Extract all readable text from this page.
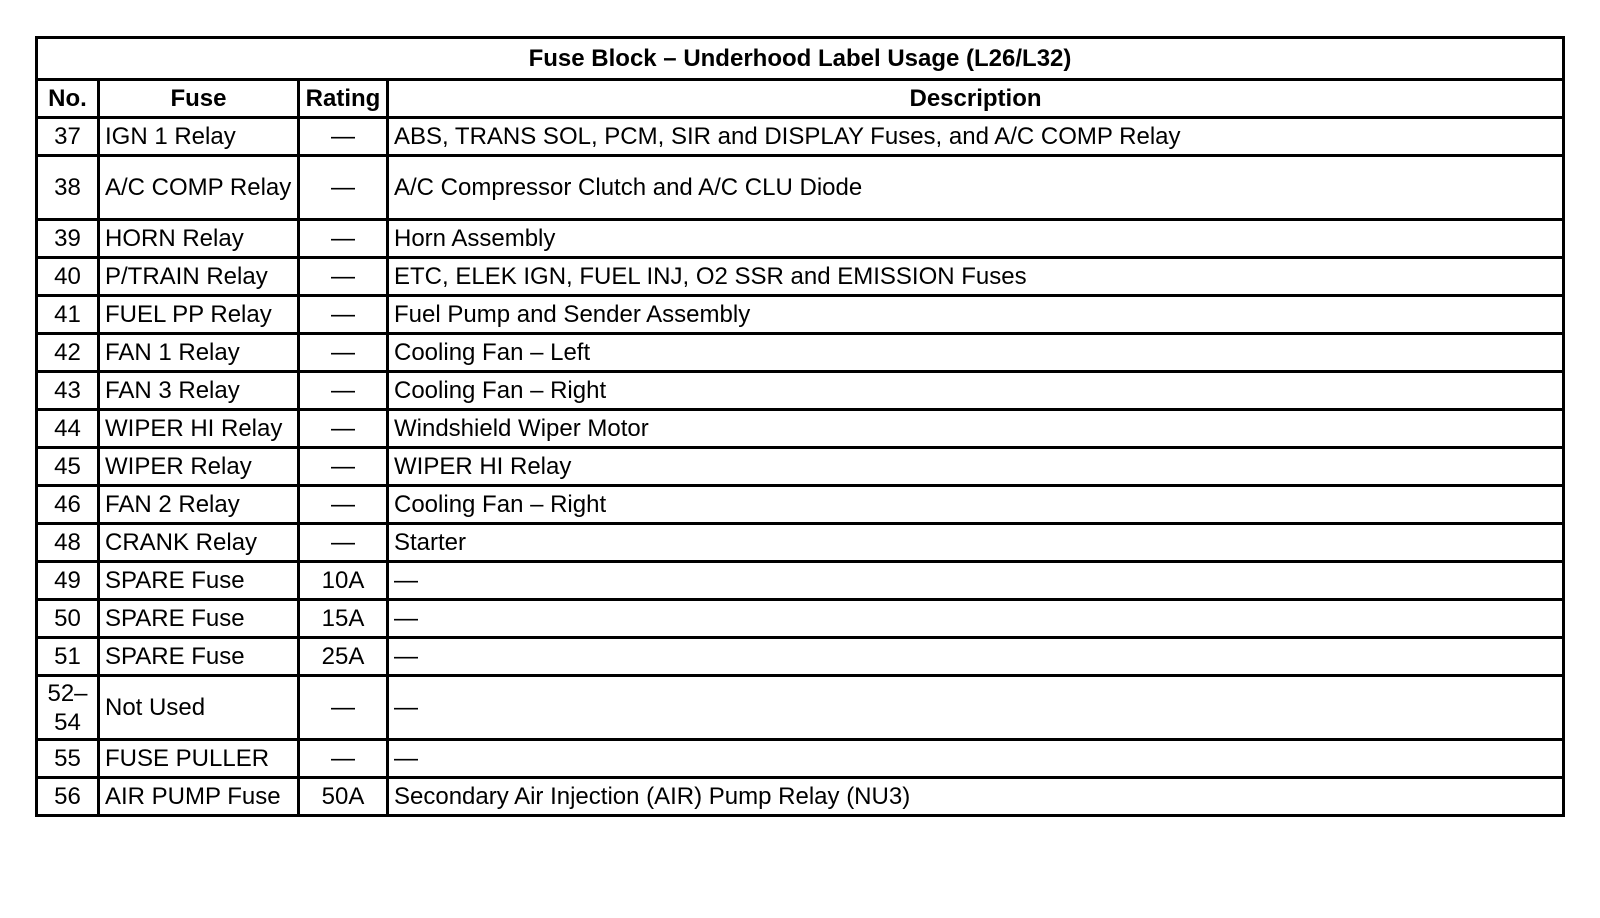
Fuse Block – Underhood Label Usage (L26/L32)			
No.	Fuse	Rating	Description
37	IGN 1 Relay	—	ABS, TRANS SOL, PCM, SIR and DISPLAY Fuses, and A/C COMP Relay
38	A/C COMP Relay	—	A/C Compressor Clutch and A/C CLU Diode
39	HORN Relay	—	Horn Assembly
40	P/TRAIN Relay	—	ETC, ELEK IGN, FUEL INJ, O2 SSR and EMISSION Fuses
41	FUEL PP Relay	—	Fuel Pump and Sender Assembly
42	FAN 1 Relay	—	Cooling Fan – Left
43	FAN 3 Relay	—	Cooling Fan – Right
44	WIPER HI Relay	—	Windshield Wiper Motor
45	WIPER Relay	—	WIPER HI Relay
46	FAN 2 Relay	—	Cooling Fan – Right
48	CRANK Relay	—	Starter
49	SPARE Fuse	10A	—
50	SPARE Fuse	15A	—
51	SPARE Fuse	25A	—
52–54	Not Used	—	—
55	FUSE PULLER	—	—
56	AIR PUMP Fuse	50A	Secondary Air Injection (AIR) Pump Relay (NU3)
